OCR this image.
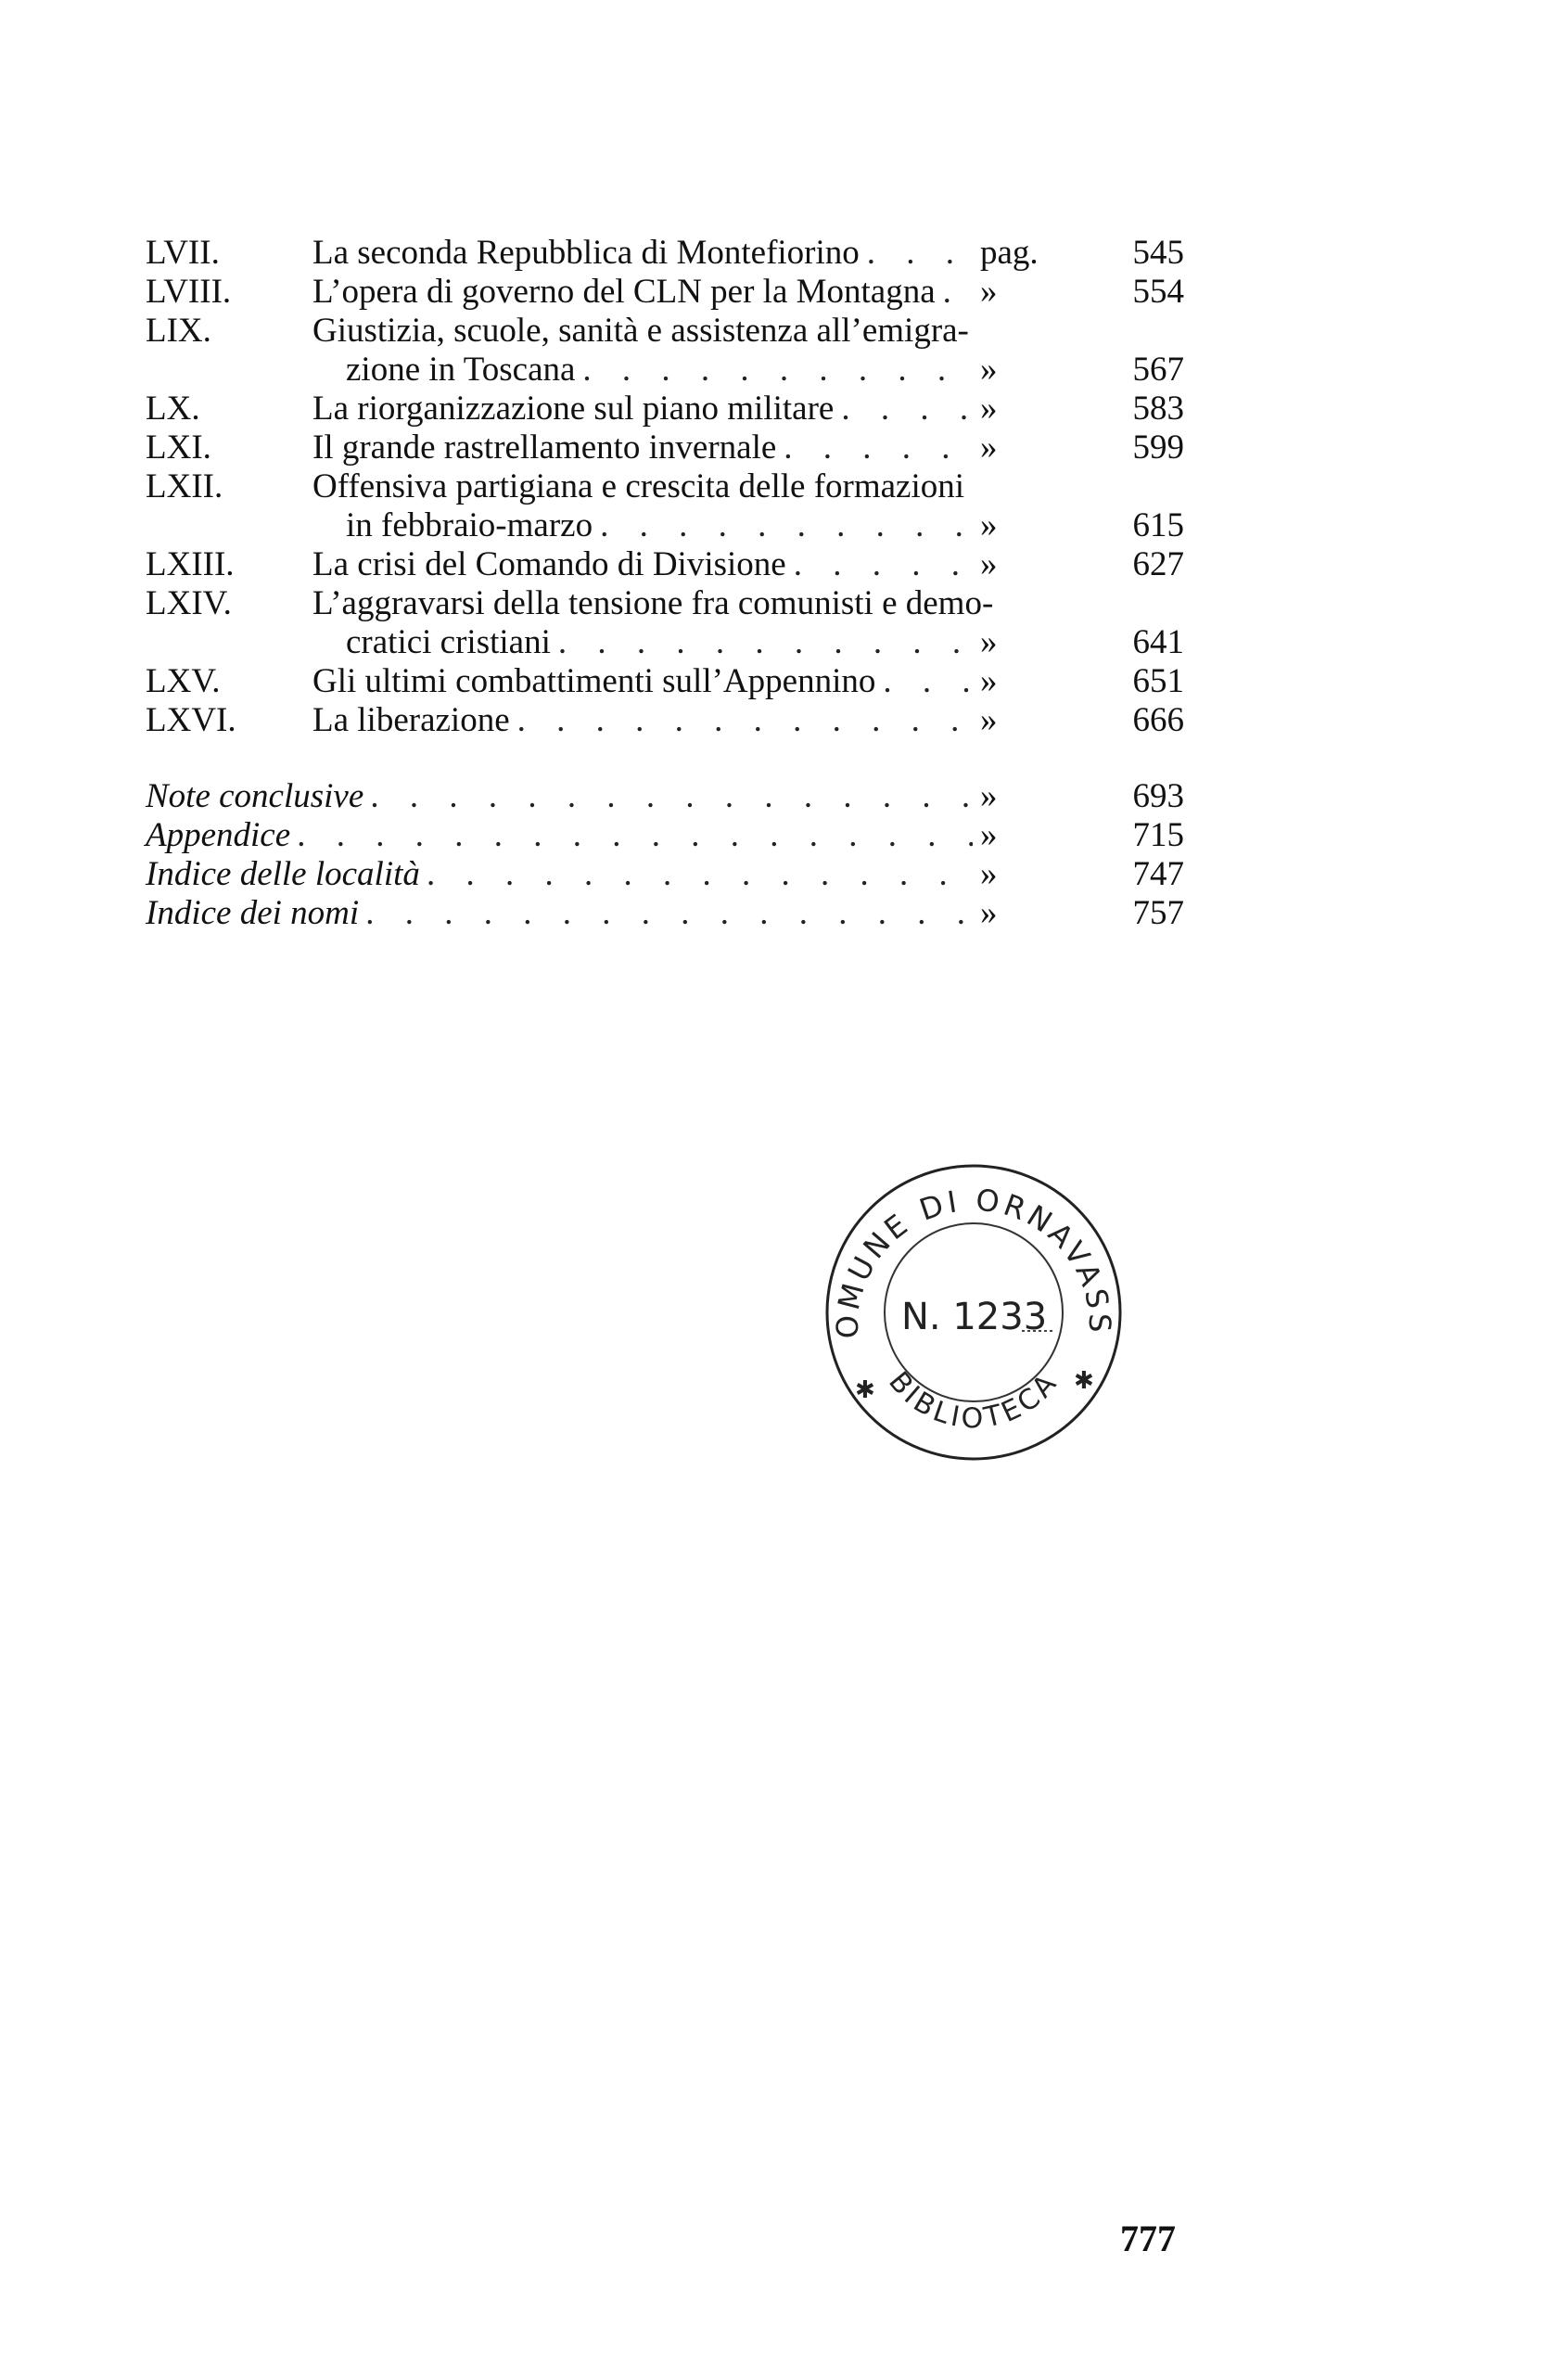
LVII.	La seconda Repubblica di Montefiorino . . .	pag.	545
LVIII. L’opera di governo del CLN per la Montagna . . . »	554
LIX.	Giustizia, scuole, sanità e assistenza all’emigra-
zione in Toscana . . .	»	567
LX.	La riorganizzazione sul piano militare . . .	»	583
LXI.	Il grande rastrellamento invernale . . .	»	599
LXII.	Offensiva partigiana e crescita delle formazioni
in febbraio-marzo . . .	»	615
LXIII. La crisi del Comando di Divisione . . .	»	627
LXIV. L’aggravarsi della tensione fra comunisti e demo-
cratici cristiani . . .	»	641
LXV.	Gli ultimi combattimenti sull’Appennino . . .	»	651
LXVI. La liberazione . . .	»	666
Note conclusive . . .	»	693
Appendice . . .	»	715
Indice delle località . . .	»	747
Indice dei nomi . . .	»	757
OMUNE DI ORNAVASS
BIBLIOTECA
✱	✱
N. 1233
777
